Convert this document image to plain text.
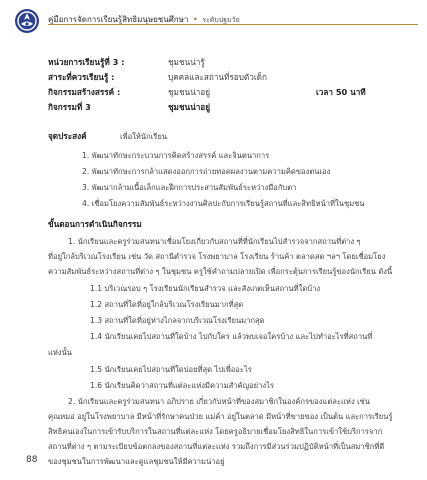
คู่มือการจัดการเรียนรู้สิทธิมนุษยชนศึกษา • ระดับปฐมวัย
หน่วยการเรียนรู้ที่ 3 :	ชุมชนน่ารู้
สาระที่ควรเรียนรู้ :	บุคคลและสถานที่รอบตัวเด็ก
กิจกรรมสร้างสรรค์ :	ชุมชนน่าอยู่	เวลา 50 นาที
กิจกรรมที่ 3	ชุมชนน่าอยู่
จุดประสงค์	เพื่อให้นักเรียน
1. พัฒนาทักษะกระบวนการคิดสร้างสรรค์ และจินตนาการ
2. พัฒนาทักษะการกล้าแสดงออกการถ่ายทอดผลงานตามความคิดของตนเอง
3. พัฒนากล้ามเนื้อเล็กและฝึกการประสานสัมพันธ์ระหว่างมือกับตา
4. เชื่อมโยงความสัมพันธ์ระหว่างงานศิลปะกับการเรียนรู้สถานที่และสิทธิหน้าที่ในชุมชน
ขั้นตอนการดำเนินกิจกรรม
1. นักเรียนและครูร่วมสนทนาเชื่อมโยงเกี่ยวกับสถานที่ที่นักเรียนไปสำรวจจากสถานที่ต่าง ๆ
ที่อยู่ใกล้บริเวณโรงเรียน เช่น วัด สถานีตำรวจ โรงพยาบาล โรงเรียน ร้านค้า ตลาดสด ฯลฯ โดยเชื่อมโยง
ความสัมพันธ์ระหว่างสถานที่ต่าง ๆ ในชุมชน ครูใช้คำถามปลายเปิด เพื่อกระตุ้นการเรียนรู้ของนักเรียน ดังนี้
1.1 บริเวณรอบ ๆ โรงเรียนนักเรียนสำรวจ และสังเกตเห็นสถานที่ใดบ้าง
1.2 สถานที่ใดที่อยู่ใกล้บริเวณโรงเรียนมากที่สุด
1.3 สถานที่ใดที่อยู่ห่างไกลจากบริเวณโรงเรียนมากสุด
1.4 นักเรียนเคยไปสถานที่ใดบ้าง ไปกับใคร แล้วพบเจอใครบ้าง และไปทำอะไรที่สถานที่
แห่งนั้น
1.5 นักเรียนเคยไปสถานที่ใดบ่อยที่สุด ไปเพื่ออะไร
1.6 นักเรียนคิดว่าสถานที่แต่ละแห่งมีความสำคัญอย่างไร
2. นักเรียนและครูร่วมสนทนา อภิปราย เกี่ยวกับหน้าที่ของสมาชิกในองค์กรของแต่ละแห่ง เช่น
คุณหมอ อยู่ในโรงพยาบาล มีหน้าที่รักษาคนป่วย แม่ค้า อยู่ในตลาด มีหน้าที่ขายของ เป็นต้น และการเรียนรู้
สิทธิคนเองในการเข้ารับบริการในสถานที่แต่ละแห่ง โดยครูอธิบายเชื่อมโยงสิทธิในการเข้าใช้บริการจาก
สถานที่ต่าง ๆ ตามระเบียบข้อตกลงของสถานที่แต่ละแห่ง รวมถึงการมีส่วนร่วมปฏิบัติหน้าที่เป็นสมาชิกที่ดี
ของชุมชนในการพัฒนาและดูแลชุมชนให้มีความน่าอยู่
88
